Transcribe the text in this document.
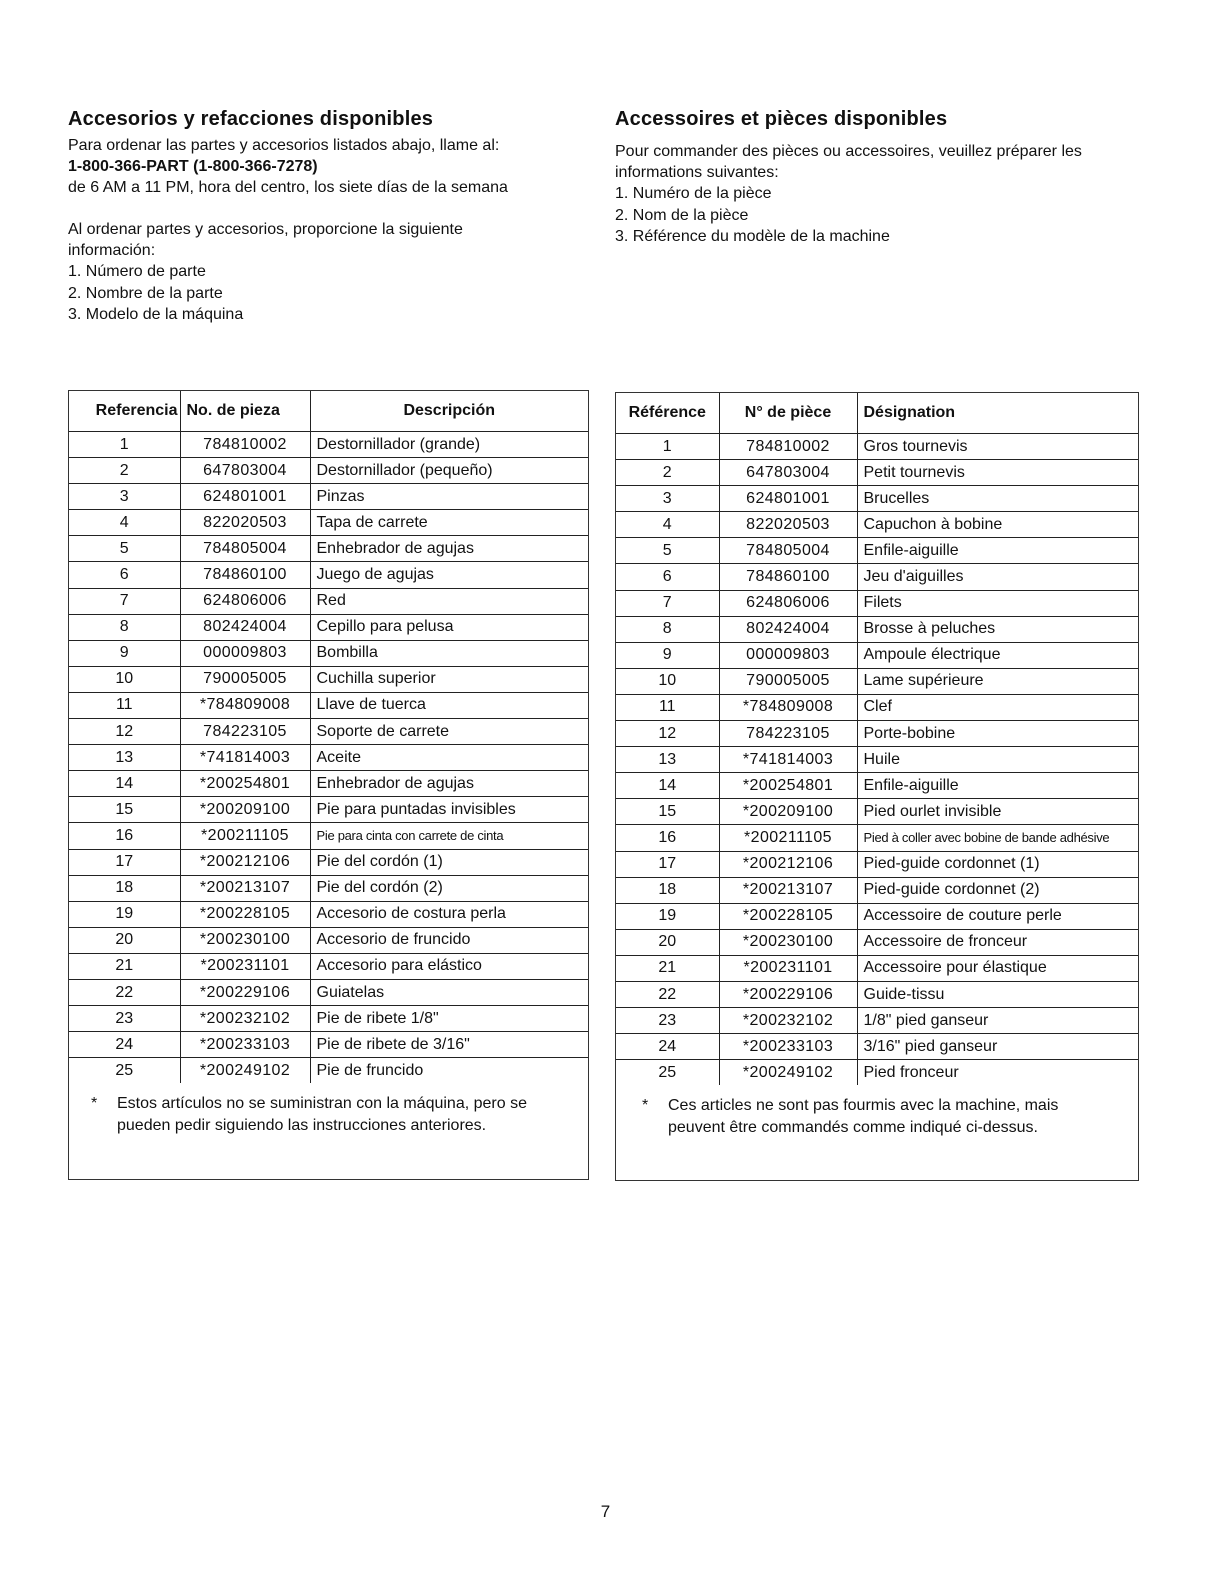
Accesorios y refacciones disponibles

Para ordenar las partes y accesorios listados abajo, llame al:

1-800-366-PART (1-800-366-7278)

de 6 AM a 11 PM, hora del centro, los siete días de la semana

Al ordenar partes y accesorios, proporcione la siguiente información:

1. Número de parte
2. Nombre de la parte
3. Modelo de la máquina
Accessoires et pièces disponibles

Pour commander des pièces ou accessoires, veuillez préparer les informations suivantes:

1. Numéro de la pièce
2. Nom de la pièce
3. Référence du modèle de la machine
Referencia	No. de pieza	Descripción
1	784810002	Destornillador (grande)
2	647803004	Destornillador (pequeño)
3	624801001	Pinzas
4	822020503	Tapa de carrete
5	784805004	Enhebrador de agujas
6	784860100	Juego de agujas
7	624806006	Red
8	802424004	Cepillo para pelusa
9	000009803	Bombilla
10	790005005	Cuchilla superior
11	*784809008	Llave de tuerca
12	784223105	Soporte de carrete
13	*741814003	Aceite
14	*200254801	Enhebrador de agujas
15	*200209100	Pie para puntadas invisibles
16	*200211105	Pie para cinta con carrete de cinta
17	*200212106	Pie del cordón (1)
18	*200213107	Pie del cordón (2)
19	*200228105	Accesorio de costura perla
20	*200230100	Accesorio de fruncido
21	*200231101	Accesorio para elástico
22	*200229106	Guiatelas
23	*200232102	Pie de ribete 1/8"
24	*200233103	Pie de ribete de 3/16"
25	*200249102	Pie de fruncido
*	Estos artículos no se suministran con la máquina, pero se pueden pedir siguiendo las instrucciones anteriores.
Référence	N° de pièce	Désignation
1	784810002	Gros tournevis
2	647803004	Petit tournevis
3	624801001	Brucelles
4	822020503	Capuchon à bobine
5	784805004	Enfile-aiguille
6	784860100	Jeu d'aiguilles
7	624806006	Filets
8	802424004	Brosse à peluches
9	000009803	Ampoule électrique
10	790005005	Lame supérieure
11	*784809008	Clef
12	784223105	Porte-bobine
13	*741814003	Huile
14	*200254801	Enfile-aiguille
15	*200209100	Pied ourlet invisible
16	*200211105	Pied à coller avec bobine de bande adhésive
17	*200212106	Pied-guide cordonnet (1)
18	*200213107	Pied-guide cordonnet (2)
19	*200228105	Accessoire de couture perle
20	*200230100	Accessoire de fronceur
21	*200231101	Accessoire pour élastique
22	*200229106	Guide-tissu
23	*200232102	1/8" pied ganseur
24	*200233103	3/16" pied ganseur
25	*200249102	Pied fronceur
*	Ces articles ne sont pas fourmis avec la machine, mais peuvent être commandés comme indiqué ci-dessus.
7
